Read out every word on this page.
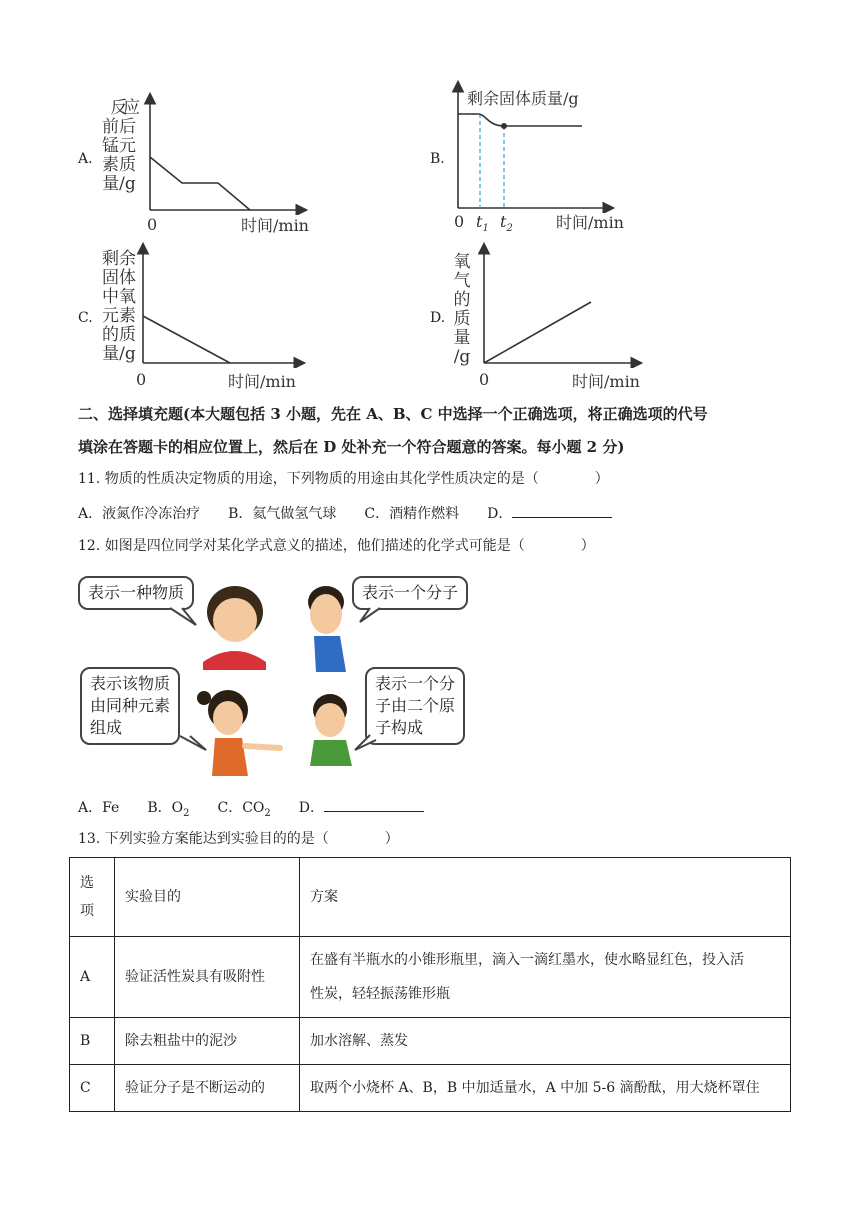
A.
反
应
前后
锰元
素质
量/g
0	时间/min
B.
剩余固体质量/g
0 $t_1$ $t_2$	时间/min
C.
剩余
固体
中氧
元素
的质
量/g
0	时间/min
D.
氧
气
的
质
量
/g
0	时间/min
二、选择填充题(本大题包括 3 小题，先在 A、B、C 中选择一个正确选项，将正确选项的代号
填涂在答题卡的相应位置上，然后在 D 处补充一个符合题意的答案。每小题 2 分)
11. 物质的性质决定物质的用途，下列物质的用途由其化学性质决定的是（　　　　）
A．液氮作冷冻治疗 B．氦气做氢气球 C．酒精作燃料 D．
12. 如图是四位同学对某化学式意义的描述，他们描述的化学式可能是（　　　　）
表示一种物质	表示一个分子
表示该物质
由同种元素
组成
表示一个分
子由二个原
子构成
A．Fe B．$O_2$ C．$CO_2$ D．
13. 下列实验方案能达到实验目的的是（　　　　）
选
项	实验目的	方案
A	验证活性炭具有吸附性	在盛有半瓶水的小锥形瓶里，滴入一滴红墨水，使水略显红色，投入活
性炭，轻轻振荡锥形瓶

B	除去粗盐中的泥沙	加水溶解、蒸发
C	验证分子是不断运动的	取两个小烧杯 A、B，B 中加适量水，A 中加 5-6 滴酚酞，用大烧杯罩住
